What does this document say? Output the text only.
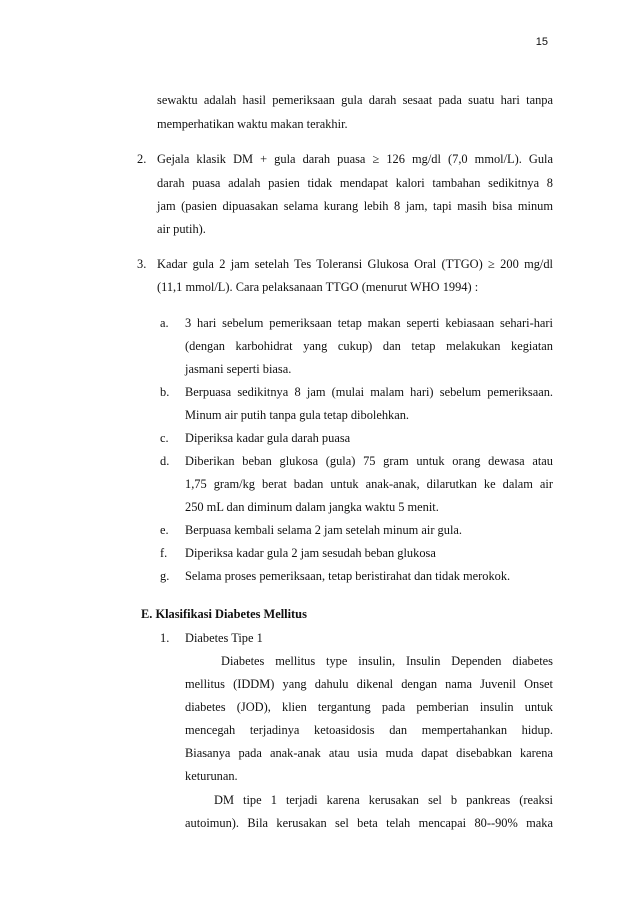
15
sewaktu adalah hasil pemeriksaan gula darah sesaat pada suatu hari tanpa
memperhatikan waktu makan terakhir.
2. Gejala klasik DM + gula darah puasa ≥ 126 mg/dl (7,0 mmol/L). Gula
darah puasa adalah pasien tidak mendapat kalori tambahan sedikitnya 8
jam (pasien dipuasakan selama kurang lebih 8 jam, tapi masih bisa minum
air putih).
3. Kadar gula 2 jam setelah Tes Toleransi Glukosa Oral (TTGO) ≥ 200 mg/dl
(11,1 mmol/L). Cara pelaksanaan TTGO (menurut WHO 1994) :
a. 3 hari sebelum pemeriksaan tetap makan seperti kebiasaan sehari-hari
(dengan karbohidrat yang cukup) dan tetap melakukan kegiatan
jasmani seperti biasa.
b. Berpuasa sedikitnya 8 jam (mulai malam hari) sebelum pemeriksaan.
Minum air putih tanpa gula tetap dibolehkan.
c. Diperiksa kadar gula darah puasa
d. Diberikan beban glukosa (gula) 75 gram untuk orang dewasa atau
1,75 gram/kg berat badan untuk anak-anak, dilarutkan ke dalam air
250 mL dan diminum dalam jangka waktu 5 menit.
e. Berpuasa kembali selama 2 jam setelah minum air gula.
f. Diperiksa kadar gula 2 jam sesudah beban glukosa
g. Selama proses pemeriksaan, tetap beristirahat dan tidak merokok.
E. Klasifikasi Diabetes Mellitus
1. Diabetes Tipe 1
Diabetes mellitus type insulin, Insulin Dependen diabetes
mellitus (IDDM) yang dahulu dikenal dengan nama Juvenil Onset
diabetes (JOD), klien tergantung pada pemberian insulin untuk
mencegah terjadinya ketoasidosis dan mempertahankan hidup.
Biasanya pada anak-anak atau usia muda dapat disebabkan karena
keturunan.
DM tipe 1 terjadi karena kerusakan sel b pankreas (reaksi
autoimun). Bila kerusakan sel beta telah mencapai 80--90% maka
